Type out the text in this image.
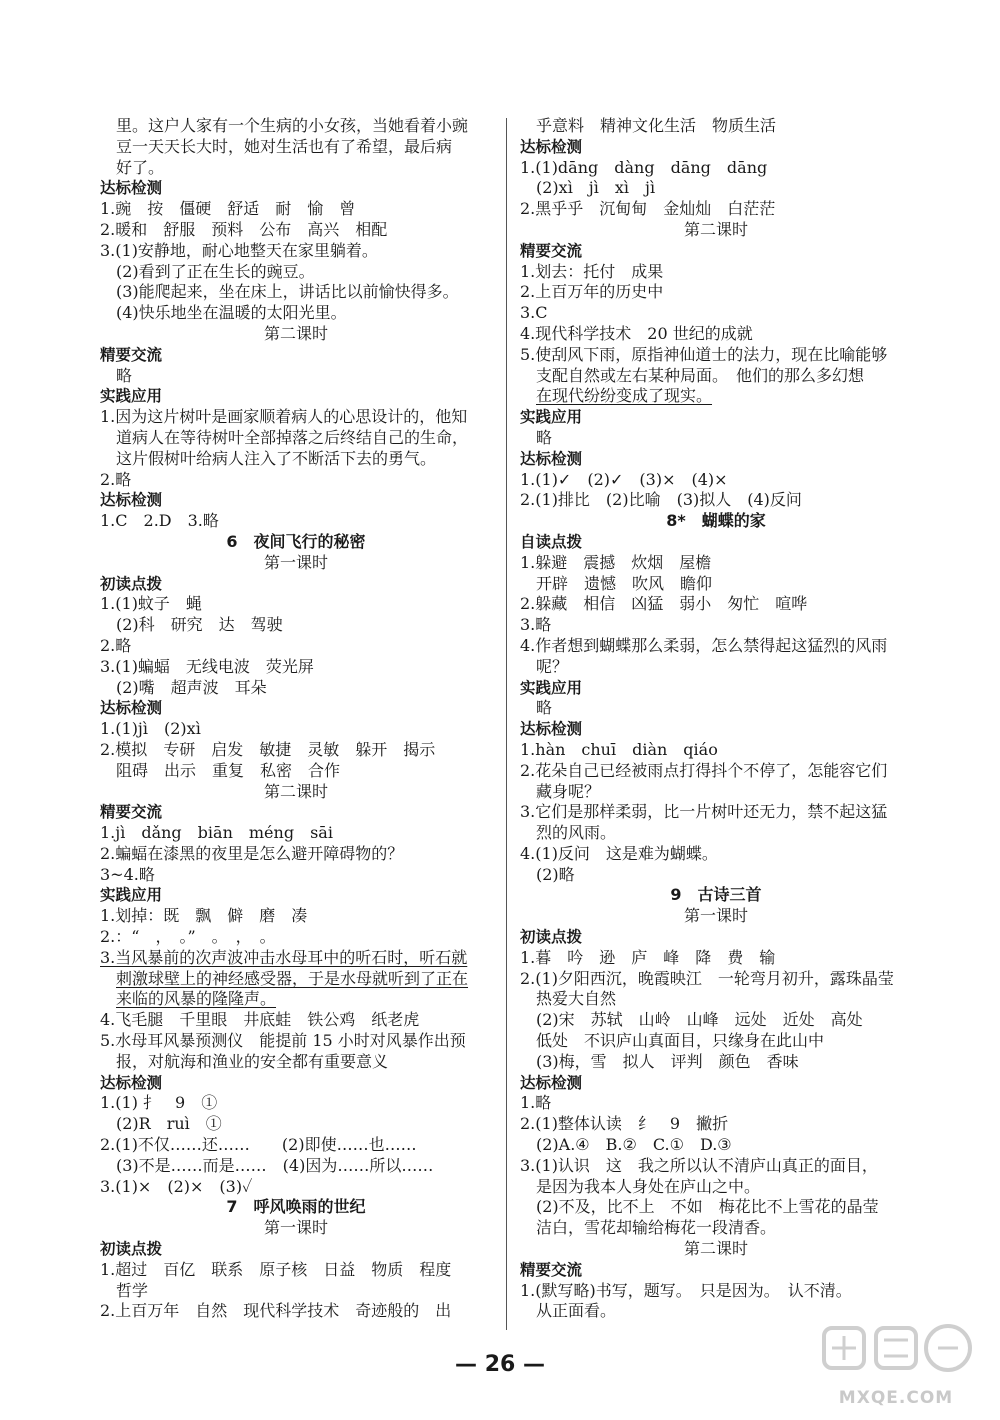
里。这户人家有一个生病的小女孩，当她看着小豌
豆一天天长大时，她对生活也有了希望，最后病
好了。
达标检测
1.豌　按　僵硬　舒适　耐　愉　曾
2.暖和　舒服　预料　公布　高兴　相配
3.(1)安静地，耐心地整天在家里躺着。
(2)看到了正在生长的豌豆。
(3)能爬起来，坐在床上，讲话比以前愉快得多。
(4)快乐地坐在温暖的太阳光里。
第二课时
精要交流
略
实践应用
1.因为这片树叶是画家顺着病人的心思设计的，他知
道病人在等待树叶全部掉落之后终结自己的生命，
这片假树叶给病人注入了不断活下去的勇气。
2.略
达标检测
1.C　2.D　3.略
6　夜间飞行的秘密
第一课时
初读点拨
1.(1)蚊子　蝇
(2)科　研究　达　驾驶
2.略
3.(1)蝙蝠　无线电波　荧光屏
(2)嘴　超声波　耳朵
达标检测
1.(1)jì　(2)xì
2.模拟　专研　启发　敏捷　灵敏　躲开　揭示
阻碍　出示　重复　私密　合作
第二课时
精要交流
1.jì　dǎng　biān　méng　sāi
2.蝙蝠在漆黑的夜里是怎么避开障碍物的？
3~4.略
实践应用
1.划掉：既　飘　僻　磨　凑
2.：“　，　。”　。　，　。
3.当风暴前的次声波冲击水母耳中的听石时，听石就
刺激球壁上的神经感受器，于是水母就听到了正在
来临的风暴的隆隆声。
4.飞毛腿　千里眼　井底蛙　铁公鸡　纸老虎
5.水母耳风暴预测仪　能提前 15 小时对风暴作出预
报，对航海和渔业的安全都有重要意义
达标检测
1.(1) 扌　9　①
(2)R　ruì　①
2.(1)不仅……还……　　(2)即使……也……
(3)不是……而是……　(4)因为……所以……
3.(1)×　(2)×　(3)✓
7　呼风唤雨的世纪
第一课时
初读点拨
1.超过　百亿　联系　原子核　日益　物质　程度
哲学
2.上百万年　自然　现代科学技术　奇迹般的　出
乎意料　精神文化生活　物质生活
达标检测
1.(1)dāng　dàng　dāng　dāng
(2)xì　jì　xì　jì
2.黑乎乎　沉甸甸　金灿灿　白茫茫
第二课时
精要交流
1.划去：托付　成果
2.上百万年的历史中
3.C
4.现代科学技术　20 世纪的成就
5.使刮风下雨，原指神仙道士的法力，现在比喻能够
支配自然或左右某种局面。　他们的那么多幻想
在现代纷纷变成了现实。
实践应用
略
达标检测
1.(1)✓　(2)✓　(3)×　(4)×
2.(1)排比　(2)比喻　(3)拟人　(4)反问
8*　蝴蝶的家
自读点拨
1.躲避　震撼　炊烟　屋檐
开辟　遗憾　吹风　瞻仰
2.躲藏　相信　凶猛　弱小　匆忙　喧哗
3.略
4.作者想到蝴蝶那么柔弱，怎么禁得起这猛烈的风雨
呢？
实践应用
略
达标检测
1.hàn　chuī　diàn　qiáo
2.花朵自己已经被雨点打得抖个不停了，怎能容它们
藏身呢？
3.它们是那样柔弱，比一片树叶还无力，禁不起这猛
烈的风雨。
4.(1)反问　这是难为蝴蝶。
(2)略
9　古诗三首
第一课时
初读点拨
1.暮　吟　逊　庐　峰　降　费　输
2.(1)夕阳西沉，晚霞映江　一轮弯月初升，露珠晶莹
热爱大自然
(2)宋　苏轼　山岭　山峰　远处　近处　高处
低处　不识庐山真面目，只缘身在此山中
(3)梅，雪　拟人　评判　颜色　香味
达标检测
1.略
2.(1)整体认读　纟　9　撇折
(2)A.④　B.②　C.①　D.③
3.(1)认识　这　我之所以认不清庐山真正的面目，
是因为我本人身处在庐山之中。
(2)不及，比不上　不如　梅花比不上雪花的晶莹
洁白，雪花却输给梅花一段清香。
第二课时
精要交流
1.(默写略)书写，题写。　只是因为。　认不清。
从正面看。
— 26 —
MXQE.COM
